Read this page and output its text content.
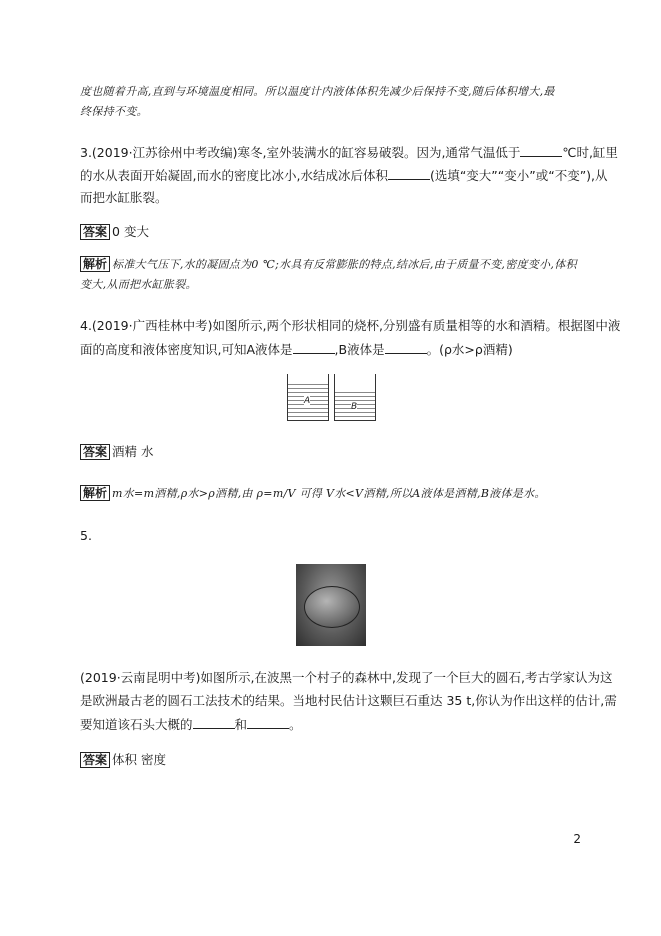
度也随着升高,直到与环境温度相同。所以温度计内液体体积先减少后保持不变,随后体积增大,最
终保持不变。
3.(2019·江苏徐州中考改编)寒冬,室外装满水的缸容易破裂。因为,通常气温低于	℃时,缸里
的水从表面开始凝固,而水的密度比冰小,水结成冰后体积	(选填“变大”“变小”或“不变”),从
而把水缸胀裂。
答案 0 变大
解析 标准大气压下,水的凝固点为0 ℃;水具有反常膨胀的特点,结冰后,由于质量不变,密度变小,体积
变大,从而把水缸胀裂。
4.(2019·广西桂林中考)如图所示,两个形状相同的烧杯,分别盛有质量相等的水和酒精。根据图中液
面的高度和液体密度知识,可知A液体是	,B液体是	。(ρ水>ρ酒精)
A
B
答案 酒精 水
解析 m水=m酒精,ρ水>ρ酒精,由 ρ=m/V 可得 V水<V酒精,所以A液体是酒精,B液体是水。
5.
(2019·云南昆明中考)如图所示,在波黑一个村子的森林中,发现了一个巨大的圆石,考古学家认为这
是欧洲最古老的圆石工法技术的结果。当地村民估计这颗巨石重达 35 t,你认为作出这样的估计,需
要知道该石头大概的	和	。
答案 体积 密度
2
